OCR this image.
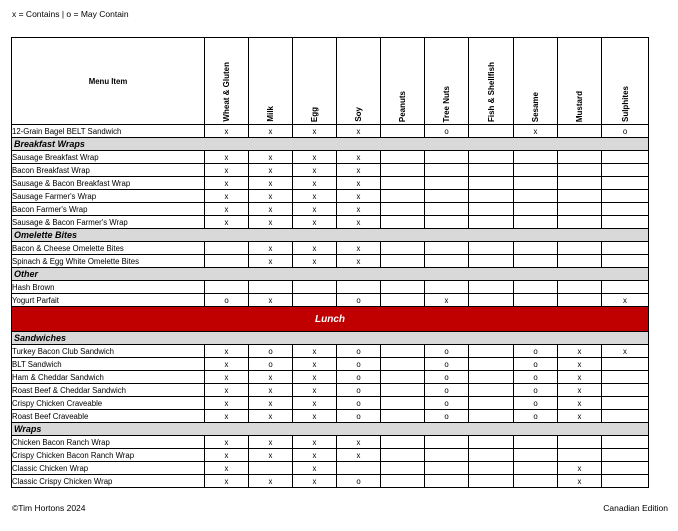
x = Contains | o = May Contain
Menu Item	Wheat & Gluten	Milk	Egg	Soy	Peanuts	Tree Nuts	Fish & Shellfish	Sesame	Mustard	Sulphites

12-Grain Bagel BELT Sandwich	x	x	x	x		o		x		o
Breakfast Wraps										
Sausage Breakfast Wrap	x	x	x	x						
Bacon Breakfast Wrap	x	x	x	x						
Sausage & Bacon Breakfast Wrap	x	x	x	x						
Sausage Farmer's Wrap	x	x	x	x						
Bacon Farmer's Wrap	x	x	x	x						
Sausage & Bacon Farmer's Wrap	x	x	x	x						
Omelette Bites										
Bacon & Cheese Omelette Bites		x	x	x						
Spinach & Egg White Omelette Bites		x	x	x						
Other										
Hash Brown										
Yogurt Parfait	o	x		o		x				x
Lunch										
Sandwiches										
Turkey Bacon Club Sandwich	x	o	x	o		o		o	x	x
BLT Sandwich	x	o	x	o		o		o	x	
Ham & Cheddar Sandwich	x	x	x	o		o		o	x	
Roast Beef & Cheddar Sandwich	x	x	x	o		o		o	x	
Crispy Chicken Craveable	x	x	x	o		o		o	x	
Roast Beef Craveable	x	x	x	o		o		o	x	
Wraps										
Chicken Bacon Ranch Wrap	x	x	x	x						
Crispy Chicken Bacon Ranch Wrap	x	x	x	x						
Classic Chicken Wrap	x		x						x	
Classic Crispy Chicken Wrap	x	x	x	o					x	
©Tim Hortons 2024	Canadian Edition
